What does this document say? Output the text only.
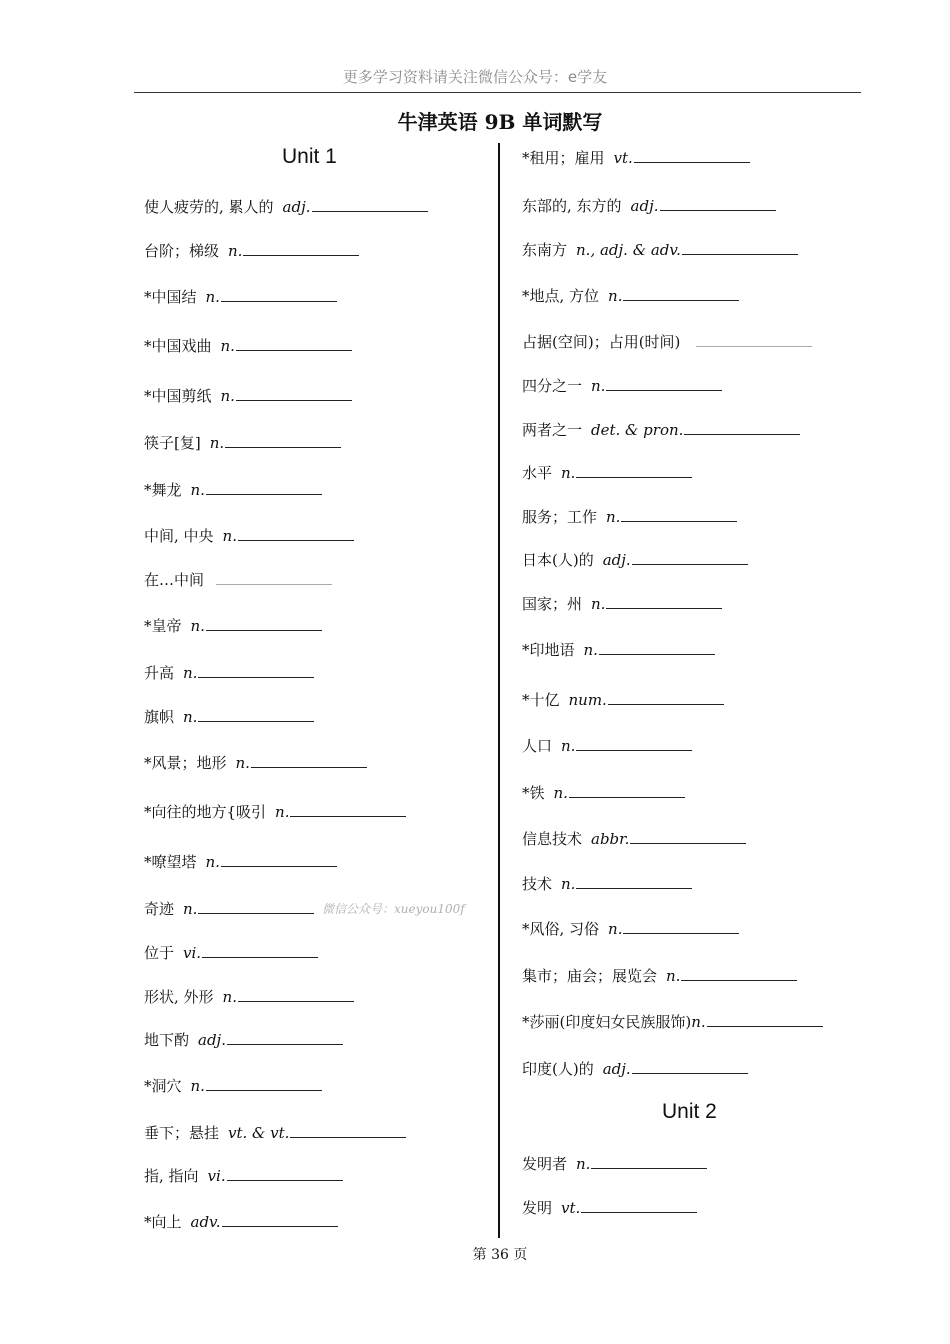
更多学习资料请关注微信公众号：e学友
牛津英语 9B 单词默写
Unit 1
Unit 2
使人疲劳的, 累人的 adj.
台阶；梯级 n.
*中国结 n.
*中国戏曲 n.
*中国剪纸 n.
筷子[复] n.
*舞龙 n.
中间, 中央 n.
在…中间
*皇帝 n.
升高 n.
旗帜 n.
*风景；地形 n.
*向往的地方{吸引 n.
*嘹望塔 n.
奇迹 n.
位于 vi.
形状, 外形 n.
地下酌 adj.
*洞穴 n.
垂下；悬挂 vt. & vt.
指, 指向 vi.
*向上 adv.
微信公众号：xueyou100f
*租用；雇用 vt.
东部的, 东方的 adj.
东南方 n., adj. & adv.
*地点, 方位 n.
占据(空间)；占用(时间)
四分之一 n.
两者之一 det. & pron.
水平 n.
服务；工作 n.
日本(人)的 adj.
国家；州 n.
*印地语 n.
*十亿 num.
人口 n.
*铁 n.
信息技术 abbr.
技术 n.
*风俗, 习俗 n.
集市；庙会；展览会 n.
*莎丽(印度妇女民族服饰)n.
印度(人)的 adj.
发明者 n.
发明 vt.
第 36 页
